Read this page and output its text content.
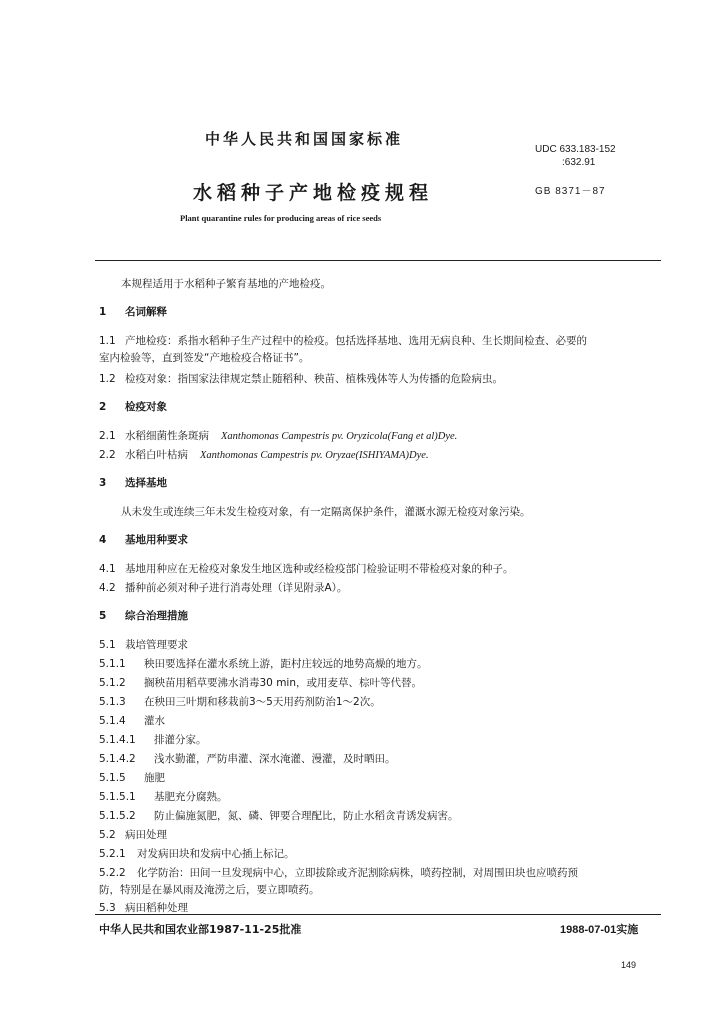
中华人民共和国国家标准
UDC 633.183-152
:632.91
水稻种子产地检疫规程	GB 8371－87
Plant quarantine rules for producing areas of rice seeds
本规程适用于水稻种子繁育基地的产地检疫。
1 名词解释
1.1 产地检疫：系指水稻种子生产过程中的检疫。包括选择基地、选用无病良种、生长期间检查、必要的
室内检验等，直到签发“产地检疫合格证书”。
1.2 检疫对象：指国家法律规定禁止随稻种、秧苗、植株残体等人为传播的危险病虫。
2 检疫对象
2.1 水稻细菌性条斑病 Xanthomonas Campestris pv. Oryzicola(Fang et al)Dye.
2.2 水稻白叶枯病 Xanthomonas Campestris pv. Oryzae(ISHIYAMA)Dye.
3 选择基地
从未发生或连续三年未发生检疫对象，有一定隔离保护条件，灌溉水源无检疫对象污染。
4 基地用种要求
4.1 基地用种应在无检疫对象发生地区选种或经检疫部门检验证明不带检疫对象的种子。
4.2 播种前必须对种子进行消毒处理（详见附录A）。
5 综合治理措施
5.1 栽培管理要求
5.1.1 秧田要选择在灌水系统上游，距村庄较远的地势高燥的地方。
5.1.2 搁秧苗用稻草要沸水消毒30 min，或用麦草、棕叶等代替。
5.1.3 在秧田三叶期和移栽前3～5天用药剂防治1～2次。
5.1.4 灌水
5.1.4.1 排灌分家。
5.1.4.2 浅水勤灌，严防串灌、深水淹灌、漫灌，及时晒田。
5.1.5 施肥
5.1.5.1 基肥充分腐熟。
5.1.5.2 防止偏施氮肥，氮、磷、钾要合理配比，防止水稻贪青诱发病害。
5.2 病田处理
5.2.1 对发病田块和发病中心插上标记。
5.2.2 化学防治：田间一旦发现病中心，立即拔除或齐泥割除病株，喷药控制，对周围田块也应喷药预
防，特别是在暴风雨及淹涝之后，要立即喷药。
5.3 病田稻种处理
中华人民共和国农业部1987-11-25批准	1988-07-01实施
149
